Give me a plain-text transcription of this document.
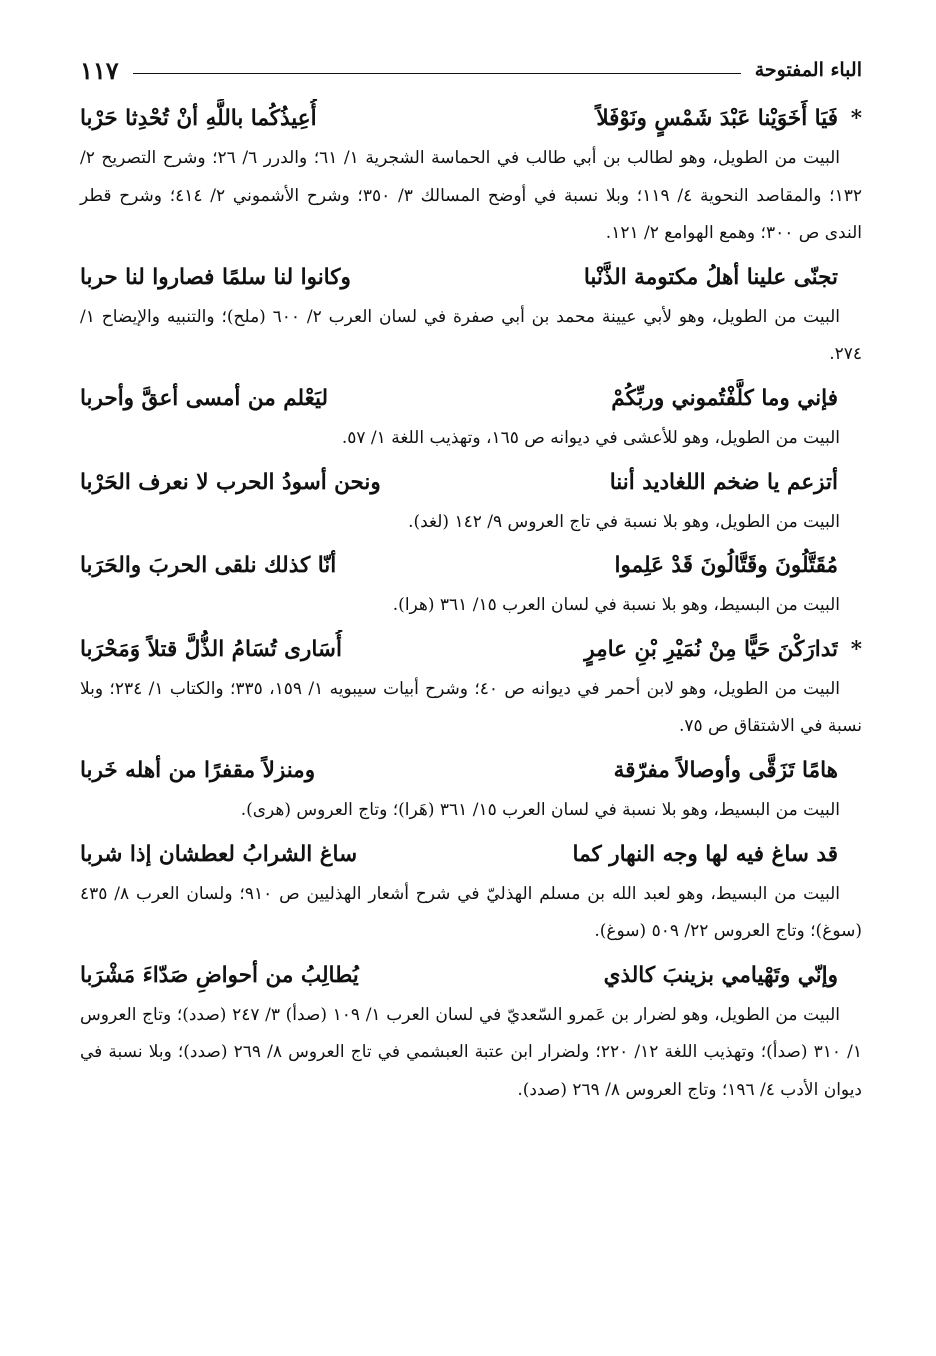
الباء المفتوحة
١١٧
*
فَيَا أَخَوَيْنا عَبْدَ شَمْسٍ ونَوْفَلاً
أُعِيذُكُما باللَّهِ أنْ تُحْدِثا حَرْبا

البيت من الطويل، وهو لطالب بن أبي طالب في الحماسة الشجرية ١/ ٦١؛ والدرر ٦/ ٢٦؛ وشرح التصريح ٢/ ١٣٢؛ والمقاصد النحوية ٤/ ١١٩؛ وبلا نسبة في أوضح المسالك ٣/ ٣٥٠؛ وشرح الأشموني ٢/ ٤١٤؛ وشرح قطر الندى ص ٣٠٠؛ وهمع الهوامع ٢/ ١٢١.

تجنّى علينا أهلُ مكتومة الذَّنْبا
وكانوا لنا سلمًا فصاروا لنا حربا

البيت من الطويل، وهو لأبي عيينة محمد بن أبي صفرة في لسان العرب ٢/ ٦٠٠ (ملح)؛ والتنبيه والإيضاح ١/ ٢٧٤.

فإني وما كلَّفْتُموني وربِّكُمْ
ليَعْلم من أمسى أعقَّ وأحربا

البيت من الطويل، وهو للأعشى في ديوانه ص ١٦٥، وتهذيب اللغة ١/ ٥٧.

أتزعم يا ضخم اللغاديد أننا
ونحن أسودُ الحرب لا نعرف الحَرْبا

البيت من الطويل، وهو بلا نسبة في تاج العروس ٩/ ١٤٢ (لغد).

مُقَتَّلُونَ وقَتَّالُونَ قَدْ عَلِموا
أنّا كذلك نلقى الحربَ والحَرَبا

البيت من البسيط، وهو بلا نسبة في لسان العرب ١٥/ ٣٦١ (هرا).

*
تَدارَكْنَ حَيًّا مِنْ نُمَيْرِ بْنِ عامِرٍ
أُسَارى تُسَامُ الذُّلَّ قتلاً وَمَحْرَبا

البيت من الطويل، وهو لابن أحمر في ديوانه ص ٤٠؛ وشرح أبيات سيبويه ١/ ١٥٩، ٣٣٥؛ والكتاب ١/ ٢٣٤؛ وبلا نسبة في الاشتقاق ص ٧٥.

هامًا تَزَقَّى وأوصالاً مفرّقة
ومنزلاً مقفرًا من أهله خَربا

البيت من البسيط، وهو بلا نسبة في لسان العرب ١٥/ ٣٦١ (هَرا)؛ وتاج العروس (هرى).

قد ساغ فيه لها وجه النهار كما
ساغ الشرابُ لعطشان إذا شربا

البيت من البسيط، وهو لعبد الله بن مسلم الهذليّ في شرح أشعار الهذليين ص ٩١٠؛ ولسان العرب ٨/ ٤٣٥ (سوغ)؛ وتاج العروس ٢٢/ ٥٠٩ (سوغ).

وإنّي وتَهْيامي بزينبَ كالذي
يُطالِبُ من أحواضِ صَدّاءَ مَشْرَبا

البيت من الطويل، وهو لضرار بن عَمرو السّعديّ في لسان العرب ١/ ١٠٩ (صدأ) ٣/ ٢٤٧ (صدد)؛ وتاج العروس ١/ ٣١٠ (صدأ)؛ وتهذيب اللغة ١٢/ ٢٢٠؛ ولضرار ابن عتبة العبشمي في تاج العروس ٨/ ٢٦٩ (صدد)؛ وبلا نسبة في ديوان الأدب ٤/ ١٩٦؛ وتاج العروس ٨/ ٢٦٩ (صدد).
